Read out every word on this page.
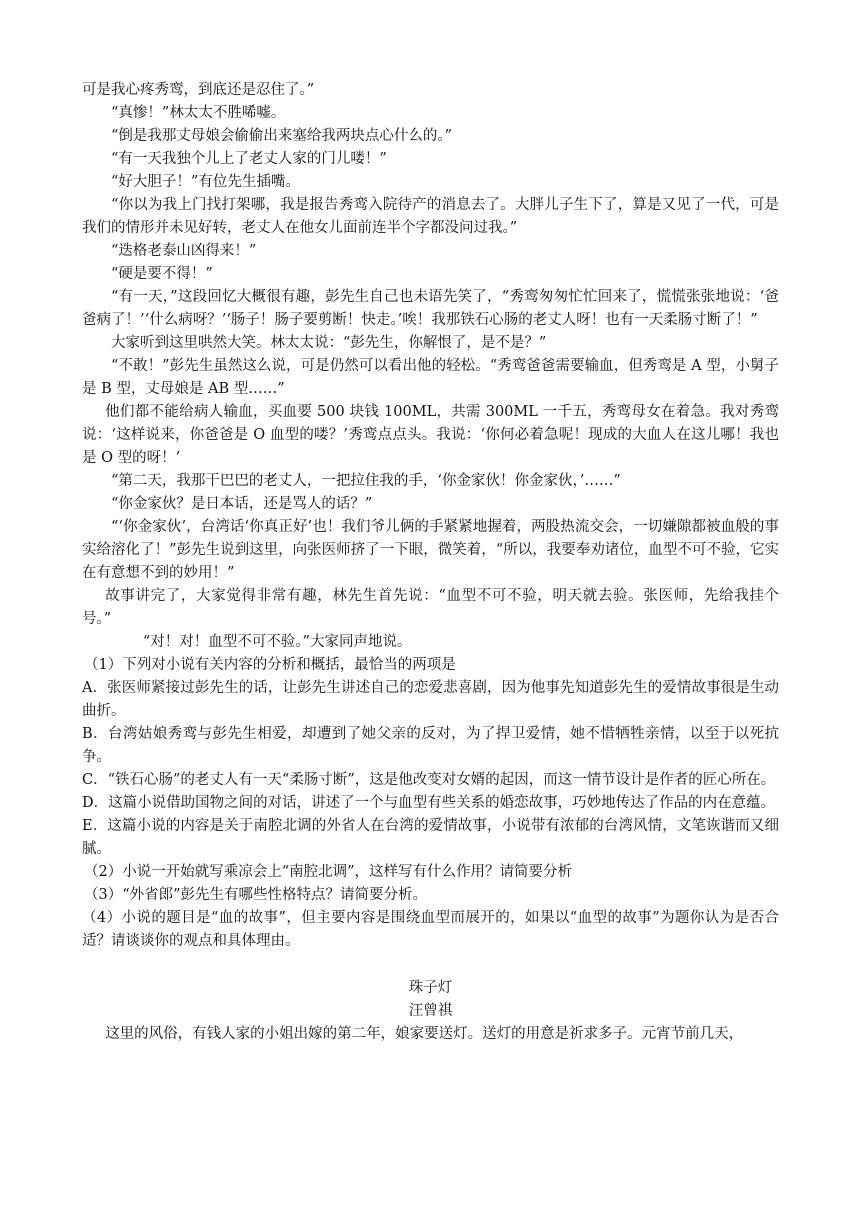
可是我心疼秀鸾，到底还是忍住了。”

“真惨！”林太太不胜唏嘘。

“倒是我那丈母娘会偷偷出来塞给我两块点心什么的。”

“有一天我独个儿上了老丈人家的门儿喽！”

“好大胆子！”有位先生插嘴。

“你以为我上门找打架哪，我是报告秀鸾入院待产的消息去了。大胖儿子生下了，算是又见了一代，可是我们的情形并未见好转，老丈人在他女儿面前连半个字都没问过我。”

“迭格老泰山凶得来！”

“硬是要不得！”

“有一天，”这段回忆大概很有趣，彭先生自己也未语先笑了，“秀鸾匆匆忙忙回来了，慌慌张张地说：‘爸爸病了！’‘什么病呀？’‘肠子！肠子要剪断！快走。’唉！我那铁石心肠的老丈人呀！也有一天柔肠寸断了！”

大家听到这里哄然大笑。林太太说：“彭先生，你解恨了，是不是？”

“不敢！”彭先生虽然这么说，可是仍然可以看出他的轻松。“秀鸾爸爸需要输血，但秀鸾是 A 型，小舅子是 B 型，丈母娘是 AB 型……”

他们都不能给病人输血，买血要 500 块钱 100ML，共需 300ML 一千五，秀鸾母女在着急。我对秀鸾说：‘这样说来，你爸爸是 O 血型的喽？’秀鸾点点头。我说：‘你何必着急呢！现成的大血人在这儿哪！我也是 O 型的呀！’

“第二天，我那干巴巴的老丈人，一把拉住我的手，‘你金家伙！你金家伙，’……”

“你金家伙？是日本话，还是骂人的话？”

“‘你金家伙’，台湾话‘你真正好’也！我们爷儿俩的手紧紧地握着，两股热流交会，一切嫌隙都被血般的事实给溶化了！”彭先生说到这里，向张医师挤了一下眼，微笑着，“所以，我要奉劝诸位，血型不可不验，它实在有意想不到的妙用！”

故事讲完了，大家觉得非常有趣，林先生首先说：“血型不可不验，明天就去验。张医师，先给我挂个号。”

“对！对！血型不可不验。”大家同声地说。

（1）下列对小说有关内容的分析和概括，最恰当的两项是

A．张医师紧接过彭先生的话，让彭先生讲述自己的恋爱悲喜剧，因为他事先知道彭先生的爱情故事很是生动曲折。

B．台湾姑娘秀鸾与彭先生相爱，却遭到了她父亲的反对，为了捍卫爱情，她不惜牺牲亲情，以至于以死抗争。

C．“铁石心肠”的老丈人有一天“柔肠寸断”，这是他改变对女婿的起因，而这一情节设计是作者的匠心所在。

D．这篇小说借助国物之间的对话，讲述了一个与血型有些关系的婚恋故事，巧妙地传达了作品的内在意蕴。

E．这篇小说的内容是关于南腔北调的外省人在台湾的爱情故事，小说带有浓郁的台湾风情，文笔诙谐而又细腻。

（2）小说一开始就写乘凉会上“南腔北调”，这样写有什么作用？请简要分析

（3）“外省郎”彭先生有哪些性格特点？请简要分析。

（4）小说的题目是“血的故事”，但主要内容是围绕血型而展开的，如果以“血型的故事”为题你认为是否合适？请谈谈你的观点和具体理由。

珠子灯

汪曾祺

这里的风俗，有钱人家的小姐出嫁的第二年，娘家要送灯。送灯的用意是祈求多子。元宵节前几天，
